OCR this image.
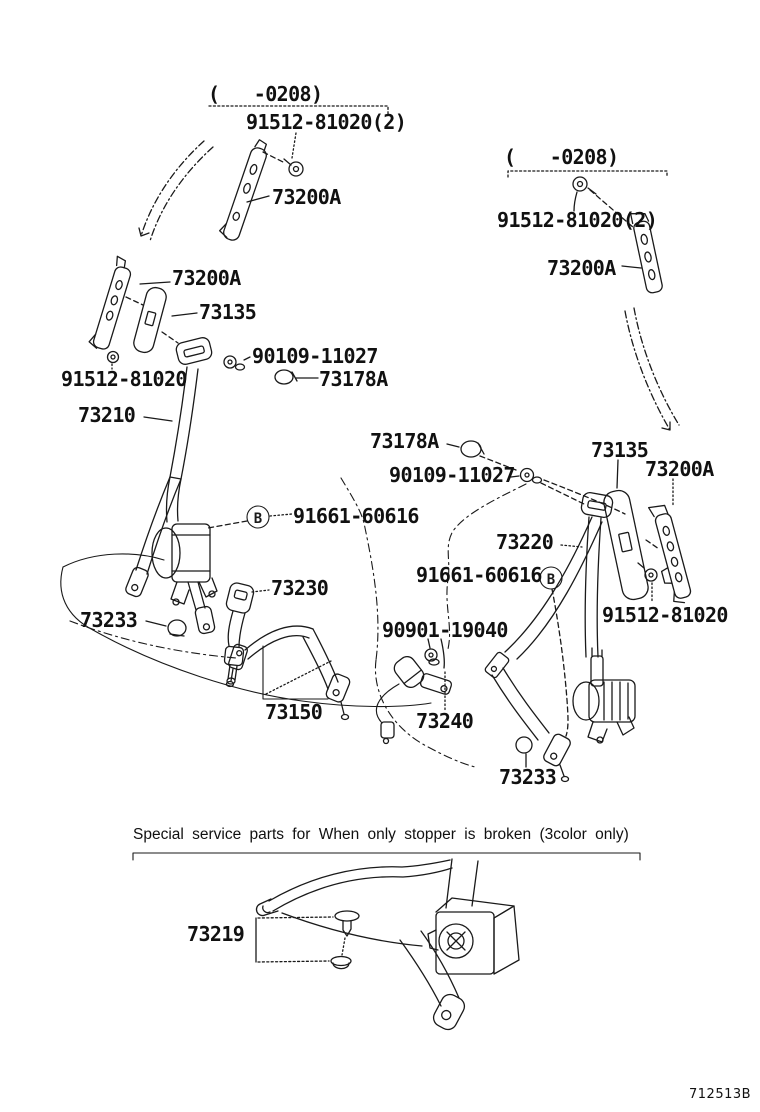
B
B
(   -0208)
91512-81020(2)
73200A
(   -0208)
91512-81020(2)
73200A
73200A
73135
90109-11027
91512-81020
73210
73178A
91661-60616
73230
73233
73150
73178A
90109-11027
73135
73200A
73220
91661-60616
90901-19040
91512-81020
73240
73233
Special service parts for When only stopper is broken (3color only)
73219
712513B
